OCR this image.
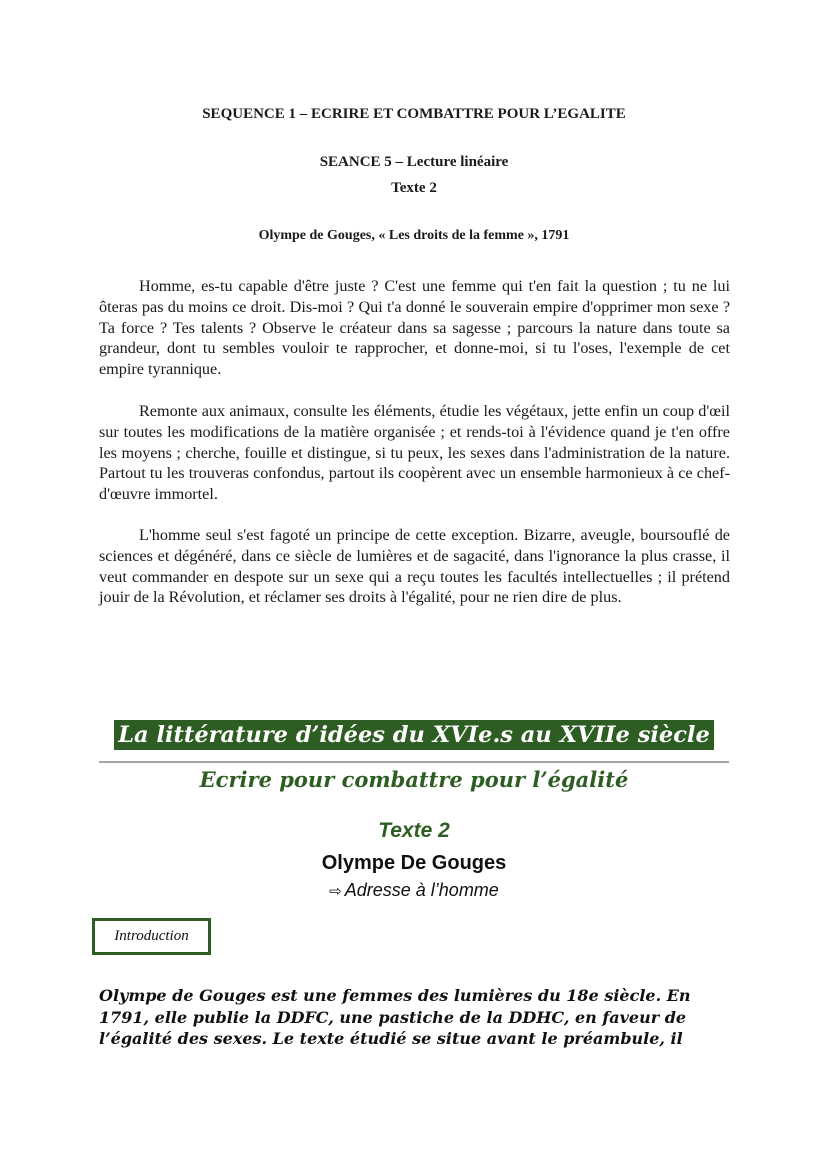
SEQUENCE 1 – ECRIRE ET COMBATTRE POUR L’EGALITE
SEANCE 5 – Lecture linéaire
Texte 2
Olympe de Gouges, « Les droits de la femme », 1791

Homme, es-tu capable d'être juste ? C'est une femme qui t'en fait la question ; tu ne lui ôteras pas du moins ce droit. Dis-moi ? Qui t'a donné le souverain empire d'opprimer mon sexe ? Ta force ? Tes talents ? Observe le créateur dans sa sagesse ; parcours la nature dans toute sa grandeur, dont tu sembles vouloir te rapprocher, et donne-moi, si tu l'oses, l'exemple de cet empire tyrannique.

Remonte aux animaux, consulte les éléments, étudie les végétaux, jette enfin un coup d'œil sur toutes les modifications de la matière organisée ; et rends-toi à l'évidence quand je t'en offre les moyens ; cherche, fouille et distingue, si tu peux, les sexes dans l'administration de la nature. Partout tu les trouveras confondus, partout ils coopèrent avec un ensemble harmonieux à ce chef-d'œuvre immortel.

L'homme seul s'est fagoté un principe de cette exception. Bizarre, aveugle, boursouflé de sciences et dégénéré, dans ce siècle de lumières et de sagacité, dans l'ignorance la plus crasse, il veut commander en despote sur un sexe qui a reçu toutes les facultés intellectuelles ; il prétend jouir de la Révolution, et réclamer ses droits à l'égalité, pour ne rien dire de plus.

La littérature d’idées du XVIe.s au XVIIe siècle
Ecrire pour combattre pour l’égalité
Texte 2
Olympe De Gouges
⇨ Adresse à l’homme
Introduction

Olympe de Gouges est une femmes des lumières du 18e siècle. En 1791, elle publie la DDFC, une pastiche de la DDHC, en faveur de l’égalité des sexes. Le texte étudié se situe avant le préambule, il
